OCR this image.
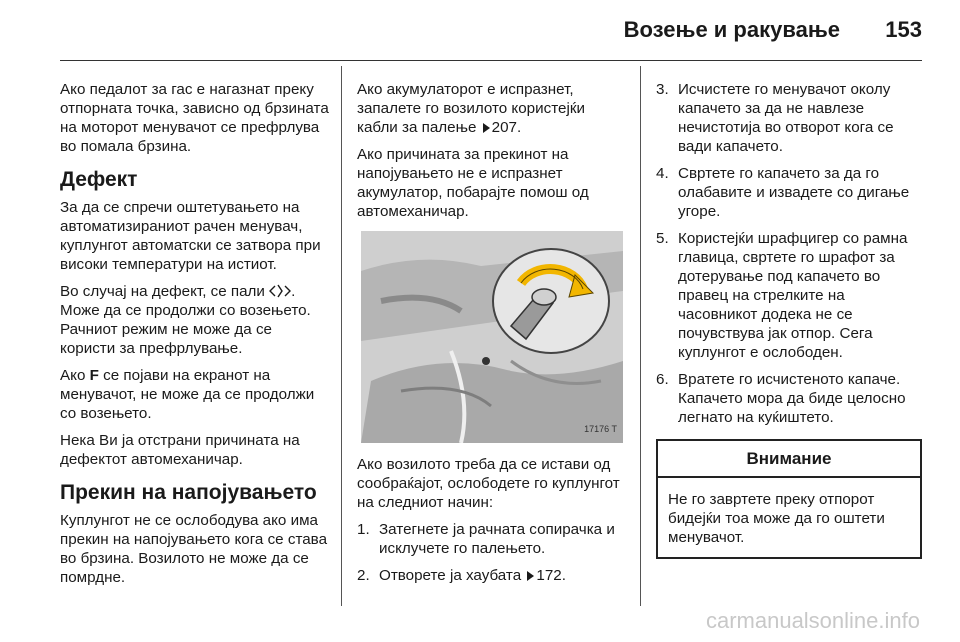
Возење и ракување 153

Ако педалот за гас е нагазнат преку отпорната точка, зависно од брзината на моторот менувачот се префрлува во помала брзина.

Дефект

За да се спречи оштетувањето на автоматизираниот рачен менувач, куплунгот автоматски се затвора при високи температури на истиот.

Во случај на дефект, се пали . Може да се продолжи со возењето. Рачниот режим не може да се користи за префрлување.

Ако F се појави на екранот на менувачот, не може да се продолжи со возењето.

Нека Ви ја отстрани причината на дефектот автомеханичар.

Прекин на напојувањето

Куплунгот не се ослободува ако има прекин на напојувањето кога се става во брзина. Возилото не може да се помрдне.

Ако акумулаторот е испразнет, запалете го возилото користејќи кабли за палење 207.

Ако причината за прекинот на напојувањето не е испразнет акумулатор, побарајте помош од автомеханичар.

17176 T

Ако возилото треба да се истави од сообраќајот, ослободете го куплунгот на следниот начин:

1. Затегнете ја рачната сопирачка и исклучете го палењето.
2. Отворете ја хаубата 172.
3. Исчистете го менувачот околу капачето за да не навлезе нечистотија во отворот кога се вади капачето.
4. Свртете го капачето за да го олабавите и извадете со дигање угоре.
5. Користејќи шрафцигер со рамна главица, свртете го шрафот за дотерување под капачето во правец на стрелките на часовникот додека не се почувствува јак отпор. Сега куплунгот е ослободен.
6. Вратете го исчистеното капаче. Капачето мора да биде целосно легнато на куќиштето.
Внимание
Не го завртете преку отпорот бидејќи тоа може да го оштети менувачот.
carmanualsonline.info
